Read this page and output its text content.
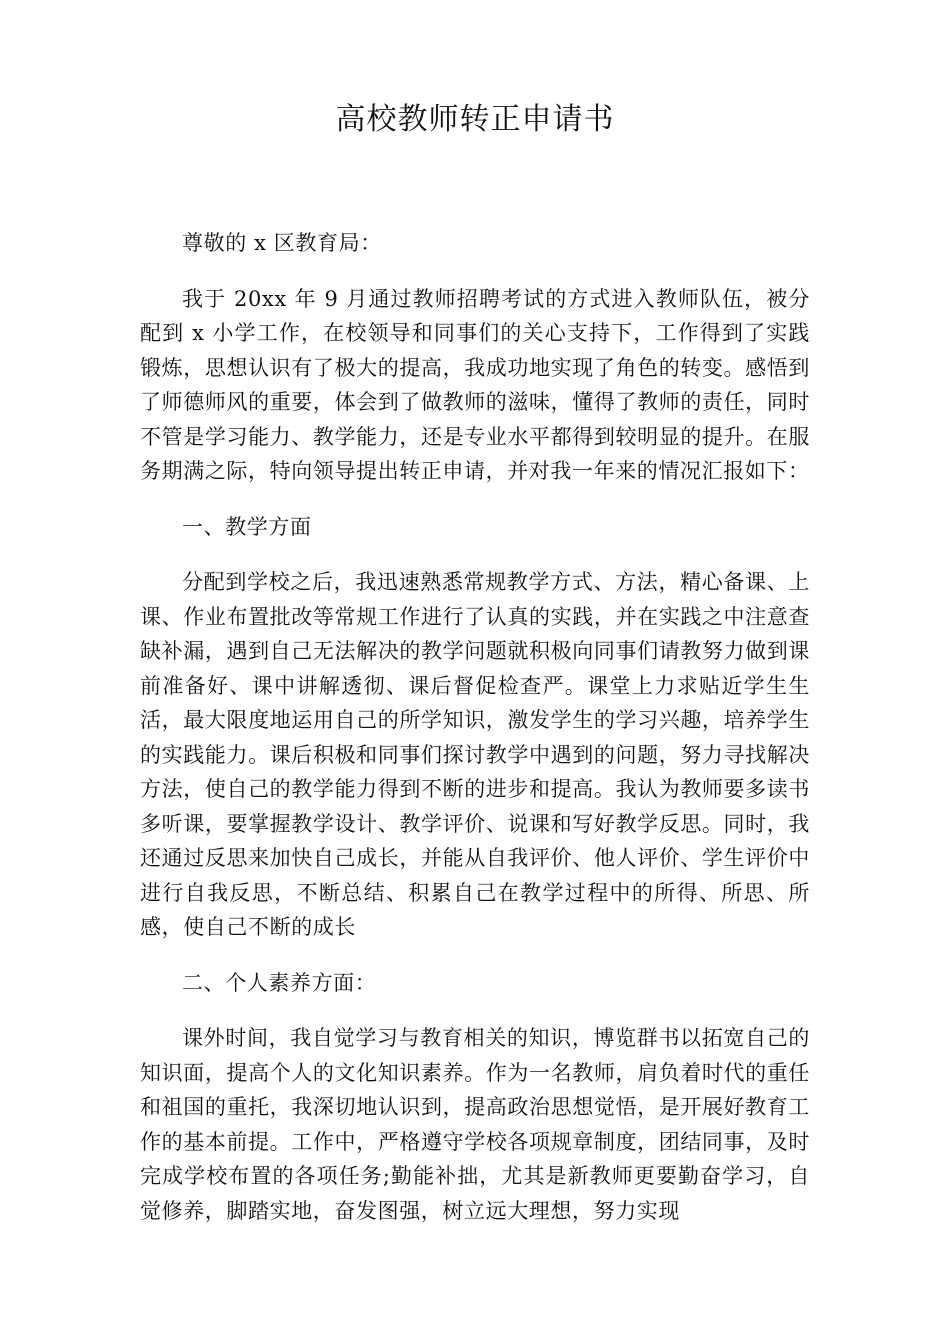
高校教师转正申请书

尊敬的 x 区教育局：

我于 20xx 年 9 月通过教师招聘考试的方式进入教师队伍，被分配到 x 小学工作，在校领导和同事们的关心支持下，工作得到了实践锻炼，思想认识有了极大的提高，我成功地实现了角色的转变。感悟到了师德师风的重要，体会到了做教师的滋味，懂得了教师的责任，同时不管是学习能力、教学能力，还是专业水平都得到较明显的提升。在服务期满之际，特向领导提出转正申请，并对我一年来的情况汇报如下：

一、教学方面

分配到学校之后，我迅速熟悉常规教学方式、方法，精心备课、上课、作业布置批改等常规工作进行了认真的实践，并在实践之中注意查缺补漏，遇到自己无法解决的教学问题就积极向同事们请教努力做到课前准备好、课中讲解透彻、课后督促检查严。课堂上力求贴近学生生活，最大限度地运用自己的所学知识，激发学生的学习兴趣，培养学生的实践能力。课后积极和同事们探讨教学中遇到的问题，努力寻找解决方法，使自己的教学能力得到不断的进步和提高。我认为教师要多读书多听课，要掌握教学设计、教学评价、说课和写好教学反思。同时，我还通过反思来加快自己成长，并能从自我评价、他人评价、学生评价中进行自我反思，不断总结、积累自己在教学过程中的所得、所思、所感，使自己不断的成长

二、个人素养方面：

课外时间，我自觉学习与教育相关的知识，博览群书以拓宽自己的知识面，提高个人的文化知识素养。作为一名教师，肩负着时代的重任和祖国的重托，我深切地认识到，提高政治思想觉悟，是开展好教育工作的基本前提。工作中，严格遵守学校各项规章制度，团结同事，及时完成学校布置的各项任务;勤能补拙，尤其是新教师更要勤奋学习，自觉修养，脚踏实地，奋发图强，树立远大理想，努力实现
